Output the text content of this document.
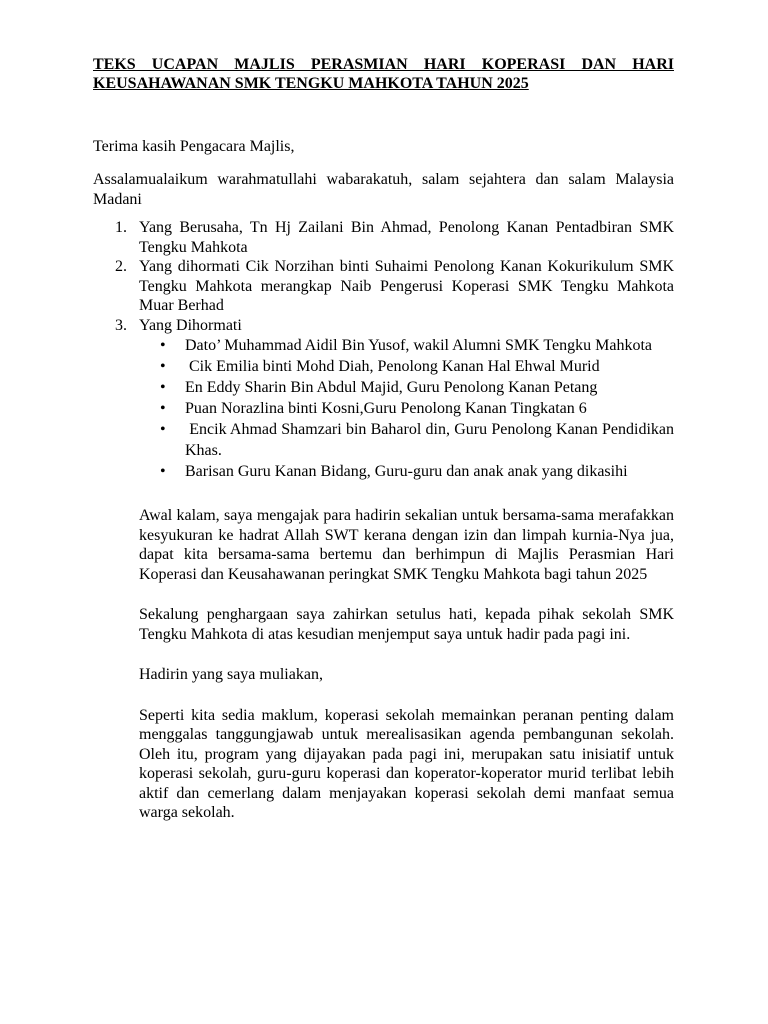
TEKS UCAPAN MAJLIS PERASMIAN HARI KOPERASI DAN HARI KEUSAHAWANAN SMK TENGKU MAHKOTA TAHUN 2025

Terima kasih Pengacara Majlis,

Assalamualaikum warahmatullahi wabarakatuh, salam sejahtera dan salam Malaysia Madani

1. Yang Berusaha, Tn Hj Zailani Bin Ahmad, Penolong Kanan Pentadbiran SMK Tengku Mahkota
2. Yang dihormati Cik Norzihan binti Suhaimi Penolong Kanan Kokurikulum SMK Tengku Mahkota merangkap Naib Pengerusi Koperasi SMK Tengku Mahkota Muar Berhad
3. Yang Dihormati
• Dato’ Muhammad Aidil Bin Yusof, wakil Alumni SMK Tengku Mahkota
• Cik Emilia binti Mohd Diah, Penolong Kanan Hal Ehwal Murid
• En Eddy Sharin Bin Abdul Majid, Guru Penolong Kanan Petang
• Puan Norazlina binti Kosni,Guru Penolong Kanan Tingkatan 6
• Encik Ahmad Shamzari bin Baharol din, Guru Penolong Kanan Pendidikan Khas.
• Barisan Guru Kanan Bidang, Guru-guru dan anak anak yang dikasihi
Awal kalam, saya mengajak para hadirin sekalian untuk bersama-sama merafakkan kesyukuran ke hadrat Allah SWT kerana dengan izin dan limpah kurnia-Nya jua, dapat kita bersama-sama bertemu dan berhimpun di Majlis Perasmian Hari Koperasi dan Keusahawanan peringkat SMK Tengku Mahkota bagi tahun 2025
Sekalung penghargaan saya zahirkan setulus hati, kepada pihak sekolah SMK Tengku Mahkota di atas kesudian menjemput saya untuk hadir pada pagi ini.
Hadirin yang saya muliakan,
Seperti kita sedia maklum, koperasi sekolah memainkan peranan penting dalam menggalas tanggungjawab untuk merealisasikan agenda pembangunan sekolah. Oleh itu, program yang dijayakan pada pagi ini, merupakan satu inisiatif untuk koperasi sekolah, guru-guru koperasi dan koperator-koperator murid terlibat lebih aktif dan cemerlang dalam menjayakan koperasi sekolah demi manfaat semua warga sekolah.
